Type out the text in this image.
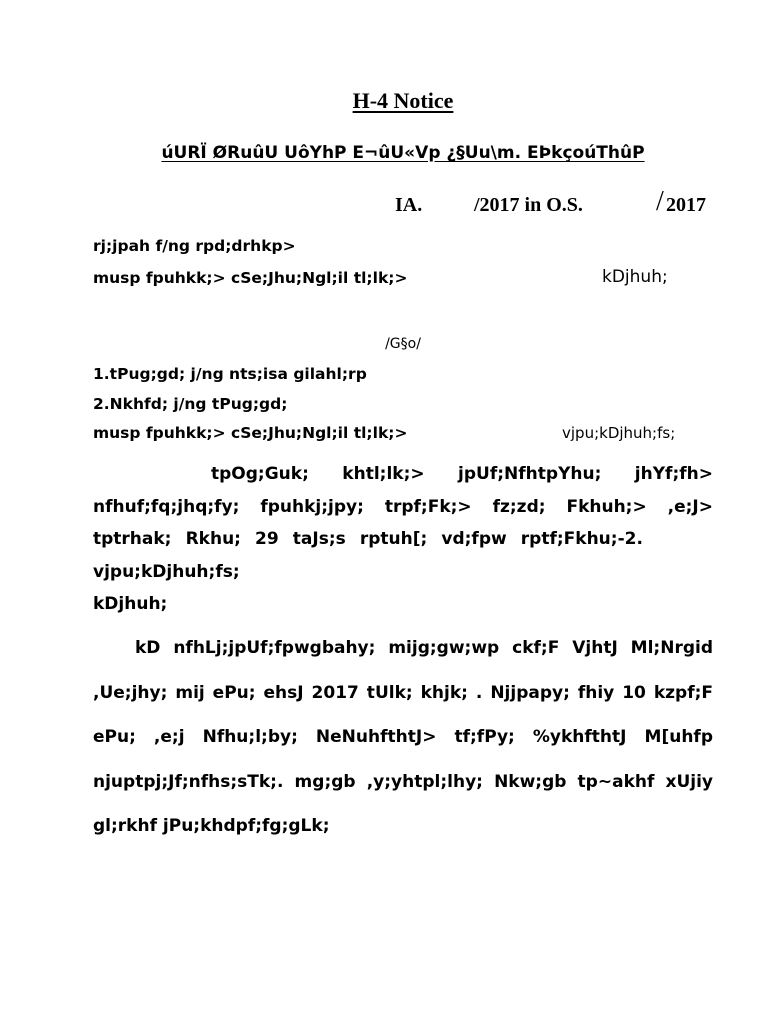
H-4 Notice
úURÏ ØRuûU UôYhP E¬ûU«Vp ¿§Uu\m. EÞkçoúThûP
IA.	/2017 in O.S.	/ 2017
rj;jpah f/ng rpd;drhkp>
musp fpuhkk;> cSe;Jhu;Ngl;il tl;lk;>	kDjhuh;
/G§o/
1.tPug;gd; j/ng nts;isa gilahl;rp
2.Nkhfd; j/ng tPug;gd;
musp fpuhkk;> cSe;Jhu;Ngl;il tl;lk;>	vjpu;kDjhuh;fs;
tpOg;Guk; khtl;lk;> jpUf;NfhtpYhu; jhYf;fh> nfhuf;fq;jhq;fy; fpuhkj;jpy; trpf;Fk;> fz;zd; Fkhuh;> ,e;J> tptrhak; Rkhu; 29 taJs;s rptuh[; vd;fpw rptf;Fkhu;-2.  vjpu;kDjhuh;fs;
kDjhuh;
kD nfhLj;jpUf;fpwgbahy; mijg;gw;wp ckf;F VjhtJ Ml;Nrgid ,Ue;jhy; mij ePu; ehsJ 2017 tUlk; khjk; . Njjpapy; fhiy 10 kzpf;F ePu; ,e;j Nfhu;l;by; NeNuhfthtJ> tf;fPy; %ykhfthtJ M[uhfp njuptpj;Jf;nfhs;sTk;. mg;gb ,y;yhtpl;lhy; Nkw;gb tp~akhf xUjiy gl;rkhf jPu;khdpf;fg;gLk;
